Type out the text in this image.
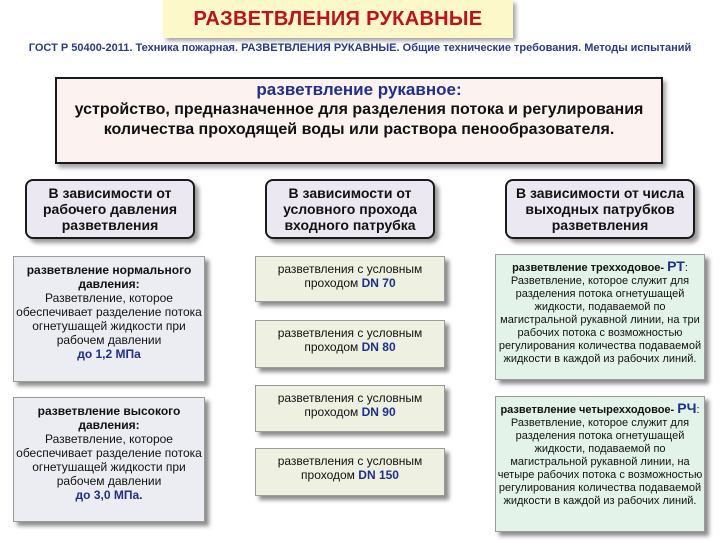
РАЗВЕТВЛЕНИЯ РУКАВНЫЕ
ГОСТ Р 50400-2011. Техника пожарная. РАЗВЕТВЛЕНИЯ РУКАВНЫЕ. Общие технические требования. Методы испытаний
разветвление рукавное:
устройство, предназначенное для разделения потока и регулирования количества проходящей воды или раствора пенообразователя.
В зависимости от рабочего давления разветвления
В зависимости от условного прохода входного патрубка
В зависимости от числа выходных патрубков разветвления
разветвление нормального давления:
Разветвление, которое обеспечивает разделение потока огнетушащей жидкости при рабочем давлении
до 1,2 МПа
разветвление высокого давления:
Разветвление, которое обеспечивает разделение потока огнетушащей жидкости при рабочем давлении
до 3,0 МПа.
разветвления с условным проходом DN 70
разветвления с условным проходом DN 80
разветвления с условным проходом DN 90
разветвления с условным проходом DN 150
разветвление трехходовое- РТ:
Разветвление, которое служит для разделения потока огнетушащей жидкости, подаваемой по магистральной рукавной линии, на три рабочих потока с возможностью регулирования количества подаваемой жидкости в каждой из рабочих линий.
разветвление четырехходовое- РЧ:
Разветвление, которое служит для разделения потока огнетушащей жидкости, подаваемой по магистральной рукавной линии, на четыре рабочих потока с возможностью регулирования количества подаваемой жидкости в каждой из рабочих линий.
